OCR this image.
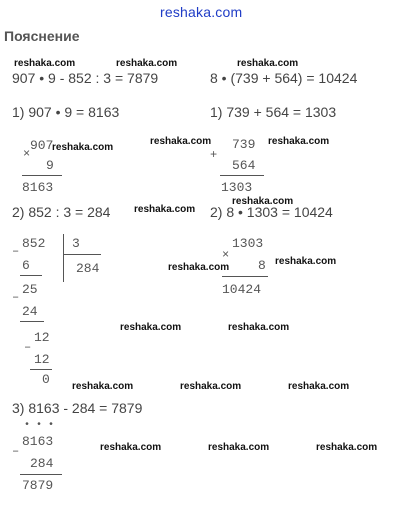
reshaka.com
Пояснение
reshaka.com	reshaka.com	reshaka.com
reshaka.com
reshaka.com	reshaka.com
reshaka.com
reshaka.com
reshaka.com
reshaka.com
reshaka.com	reshaka.com
reshaka.com	reshaka.com	reshaka.com
reshaka.com	reshaka.com	reshaka.com
907 • 9 - 852 : 3 = 7879	8 • (739 + 564) = 10424
1) 907 • 9 = 8163	1) 739 + 564 = 1303
×
907
9
8163
+
739
564
1303
2) 852 : 3 = 284	2) 8 • 1303 = 10424
– 852 3
284
6
– 25
24
–
12
12
0
×
1303
8
10424
3) 8163 - 284 = 7879
• • •
–
8163
284
7879
